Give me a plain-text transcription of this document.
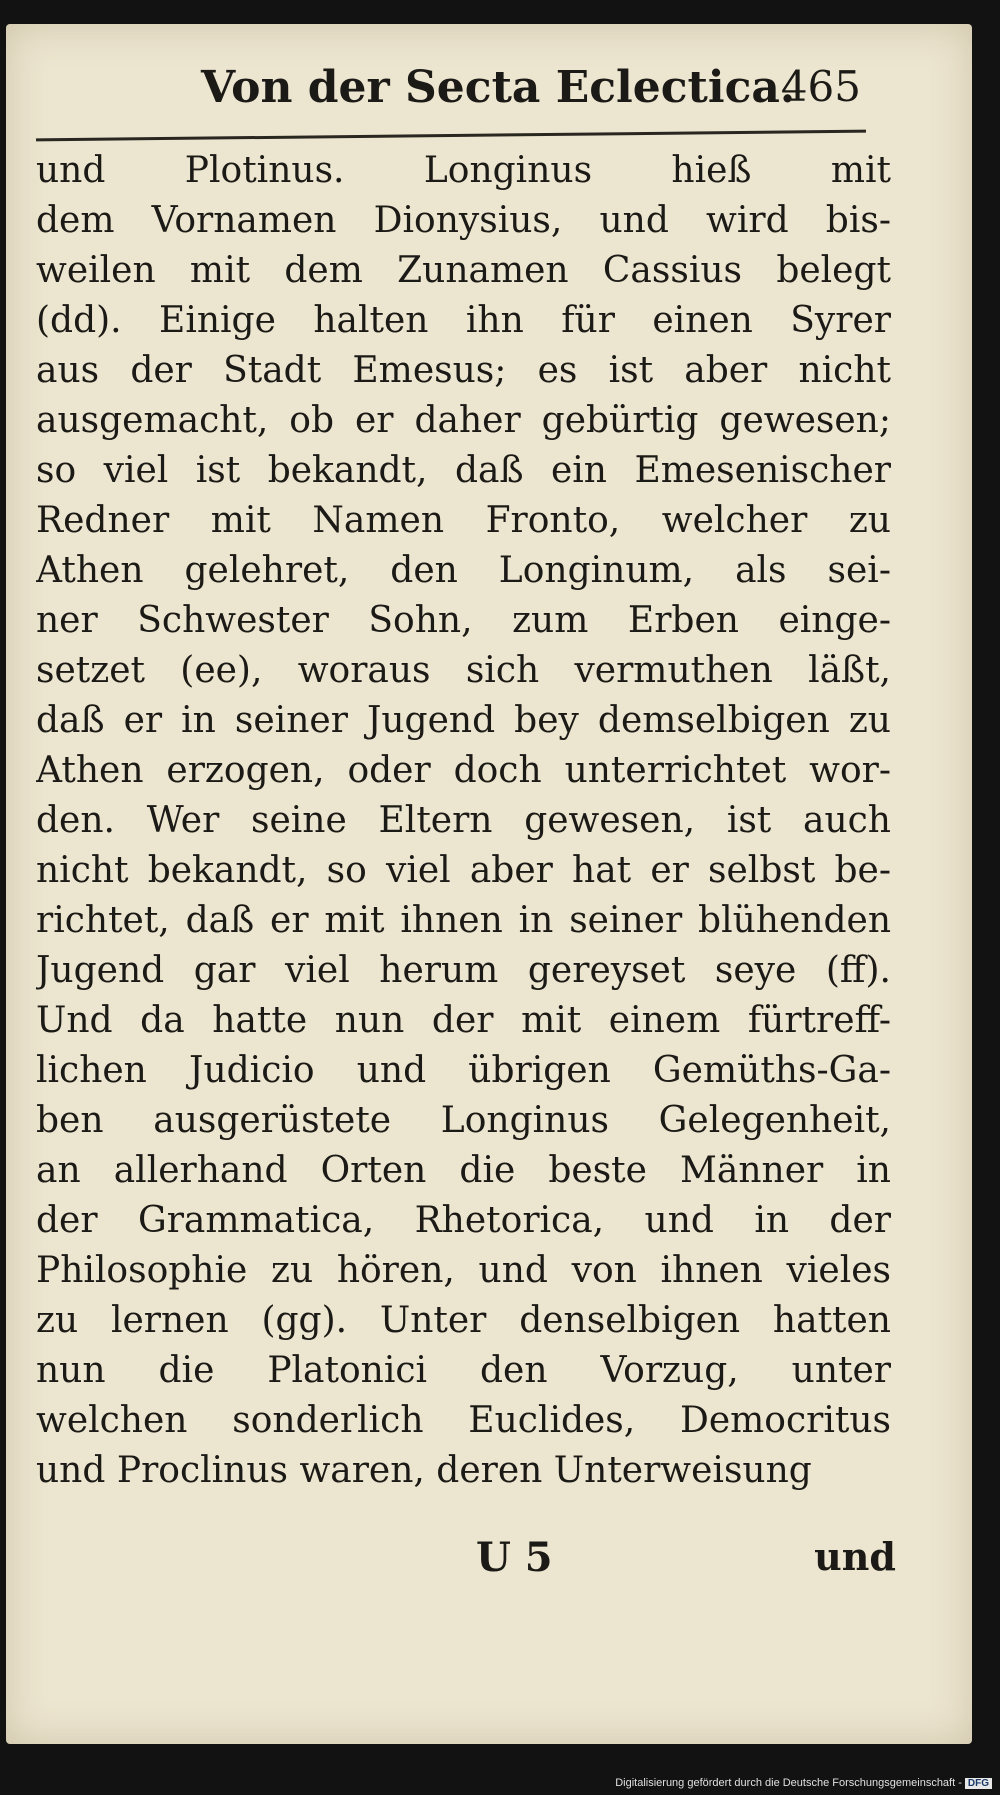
Von der Secta Eclectica.
465
und Plotinus. Longinus hieß mit
dem Vornamen Dionysius, und wird bis-
weilen mit dem Zunamen Cassius belegt
(dd). Einige halten ihn für einen Syrer
aus der Stadt Emesus; es ist aber nicht
ausgemacht, ob er daher gebürtig gewesen;
so viel ist bekandt, daß ein Emesenischer
Redner mit Namen Fronto, welcher zu
Athen gelehret, den Longinum, als sei-
ner Schwester Sohn, zum Erben einge-
setzet (ee), woraus sich vermuthen läßt,
daß er in seiner Jugend bey demselbigen zu
Athen erzogen, oder doch unterrichtet wor-
den. Wer seine Eltern gewesen, ist auch
nicht bekandt, so viel aber hat er selbst be-
richtet, daß er mit ihnen in seiner blühenden
Jugend gar viel herum gereyset seye (ff).
Und da hatte nun der mit einem fürtreff-
lichen Judicio und übrigen Gemüths-Ga-
ben ausgerüstete Longinus Gelegenheit,
an allerhand Orten die beste Männer in
der Grammatica, Rhetorica, und in der
Philosophie zu hören, und von ihnen vieles
zu lernen (gg). Unter denselbigen hatten
nun die Platonici den Vorzug, unter
welchen sonderlich Euclides, Democritus
und Proclinus waren, deren Unterweisung
U 5	und
Digitalisierung gefördert durch die Deutsche Forschungsgemeinschaft - DFG
